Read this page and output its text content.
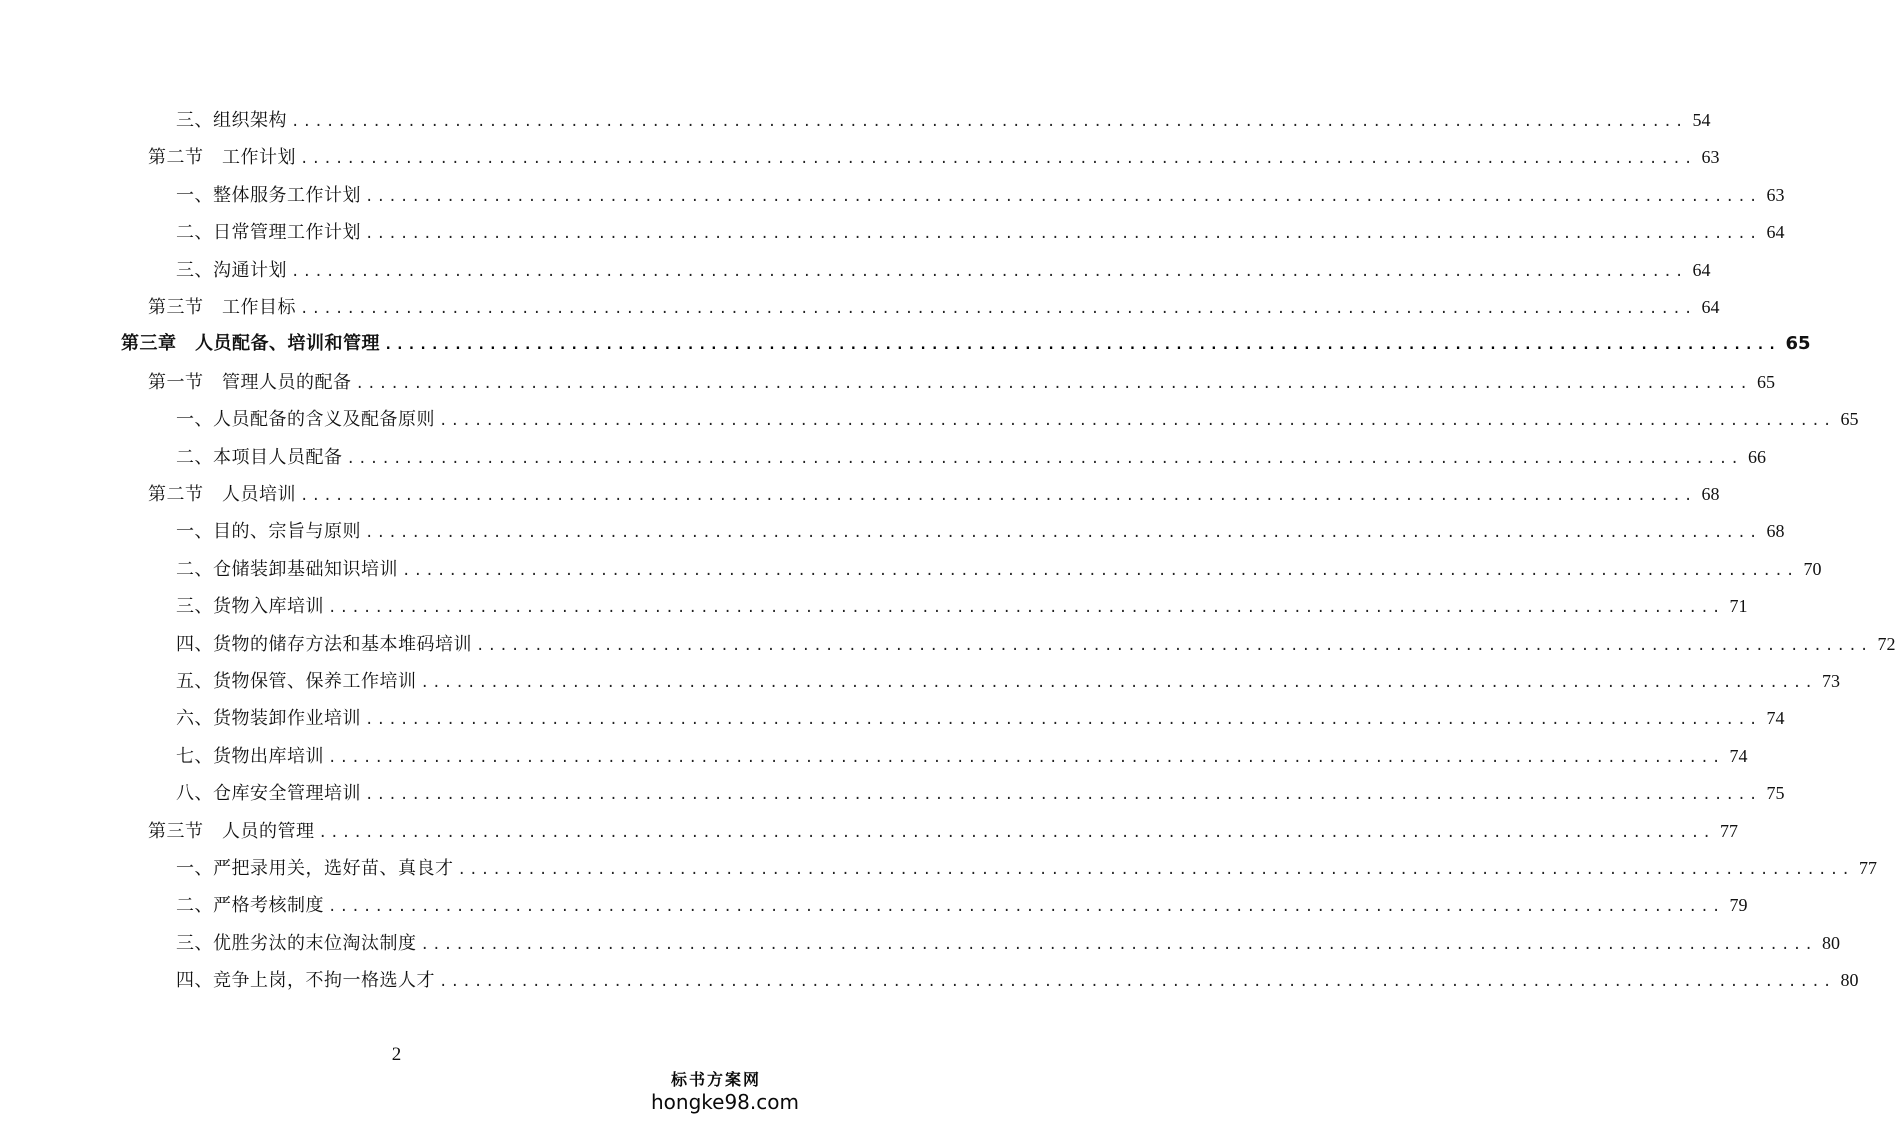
三、组织架构 ........................................................................................................................ 54
第二节　工作计划 ........................................................................................................................ 63
一、整体服务工作计划 ........................................................................................................................ 63
二、日常管理工作计划 ........................................................................................................................ 64
三、沟通计划 ........................................................................................................................ 64
第三节　工作目标 ........................................................................................................................ 64
第三章　人员配备、培训和管理 ........................................................................................................................ 65
第一节　管理人员的配备 ........................................................................................................................ 65
一、人员配备的含义及配备原则 ........................................................................................................................ 65
二、本项目人员配备 ........................................................................................................................ 66
第二节　人员培训 ........................................................................................................................ 68
一、目的、宗旨与原则 ........................................................................................................................ 68
二、仓储装卸基础知识培训 ........................................................................................................................ 70
三、货物入库培训 ........................................................................................................................ 71
四、货物的储存方法和基本堆码培训 ........................................................................................................................ 72
五、货物保管、保养工作培训 ........................................................................................................................ 73
六、货物装卸作业培训 ........................................................................................................................ 74
七、货物出库培训 ........................................................................................................................ 74
八、仓库安全管理培训 ........................................................................................................................ 75
第三节　人员的管理 ........................................................................................................................ 77
一、严把录用关，选好苗、真良才 ........................................................................................................................ 77
二、严格考核制度 ........................................................................................................................ 79
三、优胜劣汰的末位淘汰制度 ........................................................................................................................ 80
四、竞争上岗，不拘一格选人才 ........................................................................................................................ 80
2
标书方案网
hongke98.com
